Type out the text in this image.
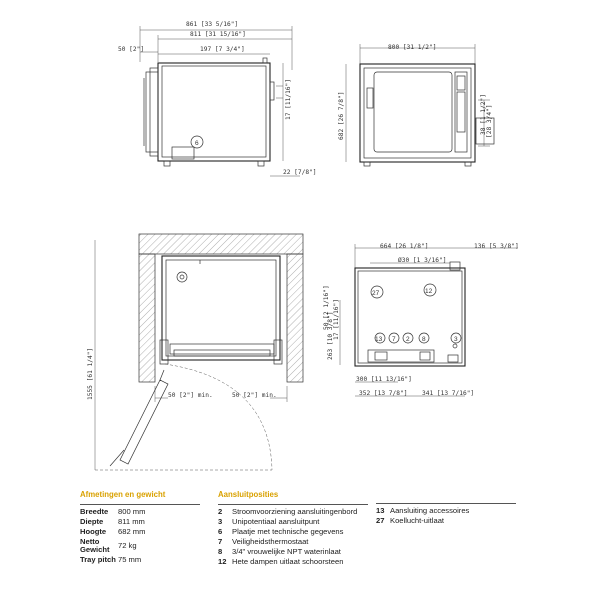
861 [33 5/16"]
811 [31 15/16"]
50 [2"]	197 [7 3/4"]
6
17 [11/16"]
22 [7/8"]
800 [31 1/2"]
682 [26 7/8"]	38 [1 1/2"] [28 3/4"]
50 [2"] min.	50 [2"] min.
1555 [61 1/4"]
664 [26 1/8"]	136 [5 3/8"]
Ø30 [1 3/16"]
27	12
13 7 2 8	3
263 [10 3/8"] 17 [11/16"]
50 [2 1/16"]
300 [11 13/16"]
352 [13 7/8"] 341 [13 7/16"]
Afmetingen en gewicht
Breedte	800 mm
Diepte	811 mm
Hoogte	682 mm
Netto Gewicht	72 kg
Tray pitch 75 mm
Aansluitposities
2	Stroomvoorziening aansluitingenbord
3	Unipotentiaal aansluitpunt
6	Plaatje met technische gegevens
7	Veiligheidsthermostaat
8	3/4" vrouwelijke NPT waterinlaat
12 Hete dampen uitlaat schoorsteen
13 Aansluiting accessoires
27 Koellucht-uitlaat
